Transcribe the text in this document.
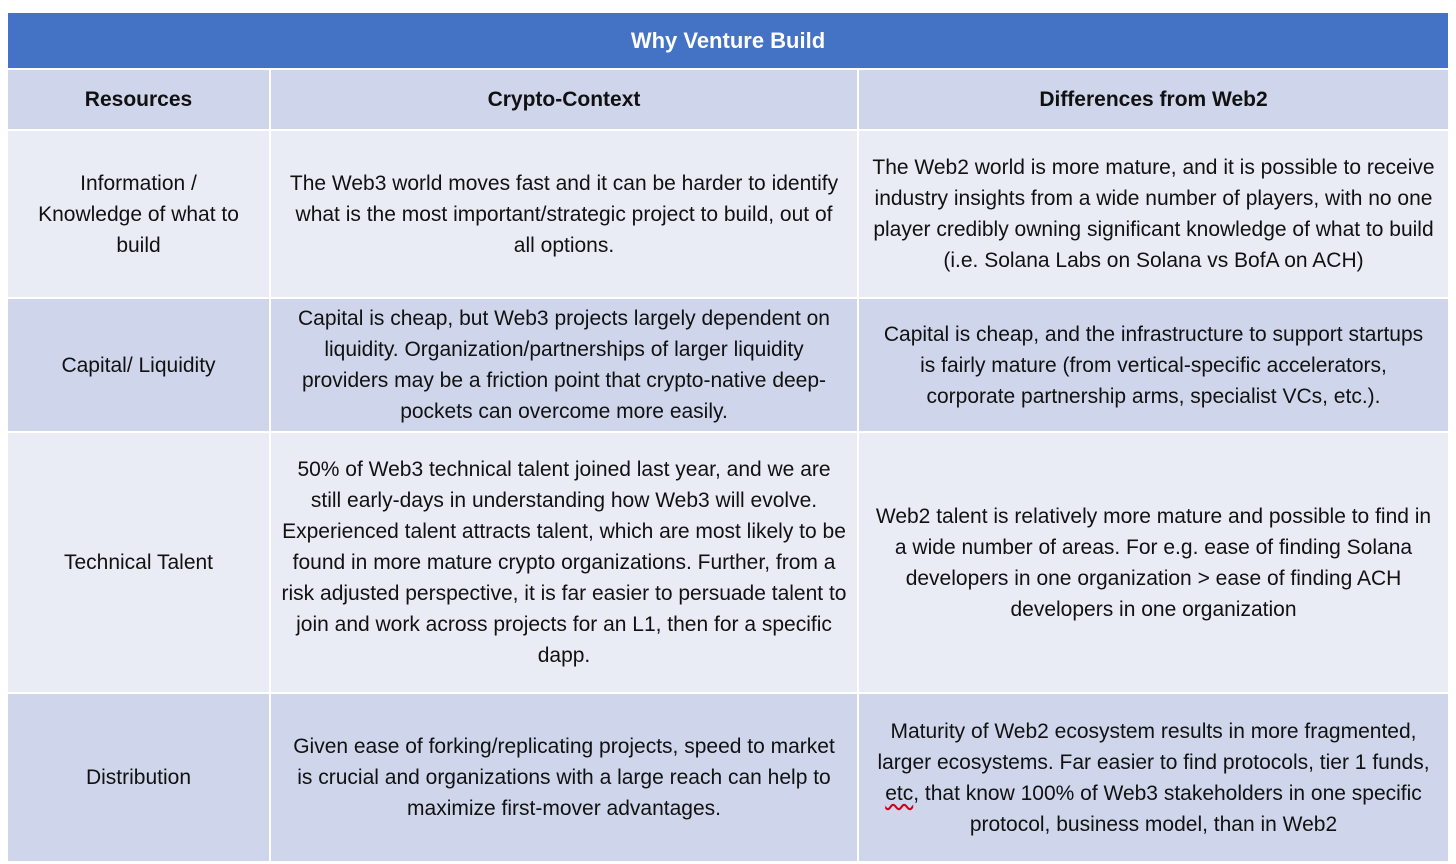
Why Venture Build
Resources	Crypto-Context	Differences from Web2
Information / Knowledge of what to build
The Web3 world moves fast and it can be harder to identify what is the most important/strategic project to build, out of all options.
The Web2 world is more mature, and it is possible to receive industry insights from a wide number of players, with no one player credibly owning significant knowledge of what to build (i.e. Solana Labs on Solana vs BofA on ACH)
Capital/ Liquidity
Capital is cheap, but Web3 projects largely dependent on liquidity. Organization/partnerships of larger liquidity providers may be a friction point that crypto-native deep-pockets can overcome more easily.
Capital is cheap, and the infrastructure to support startups is fairly mature (from vertical-specific accelerators, corporate partnership arms, specialist VCs, etc.).
Technical Talent
50% of Web3 technical talent joined last year, and we are still early-days in understanding how Web3 will evolve. Experienced talent attracts talent, which are most likely to be found in more mature crypto organizations. Further, from a risk adjusted perspective, it is far easier to persuade talent to join and work across projects for an L1, then for a specific dapp.
Web2 talent is relatively more mature and possible to find in a wide number of areas. For e.g. ease of finding Solana developers in one organization > ease of finding ACH developers in one organization
Distribution
Given ease of forking/replicating projects, speed to market is crucial and organizations with a large reach can help to maximize first-mover advantages.
Maturity of Web2 ecosystem results in more fragmented, larger ecosystems. Far easier to find protocols, tier 1 funds, etc, that know 100% of Web3 stakeholders in one specific protocol, business model, than in Web2
